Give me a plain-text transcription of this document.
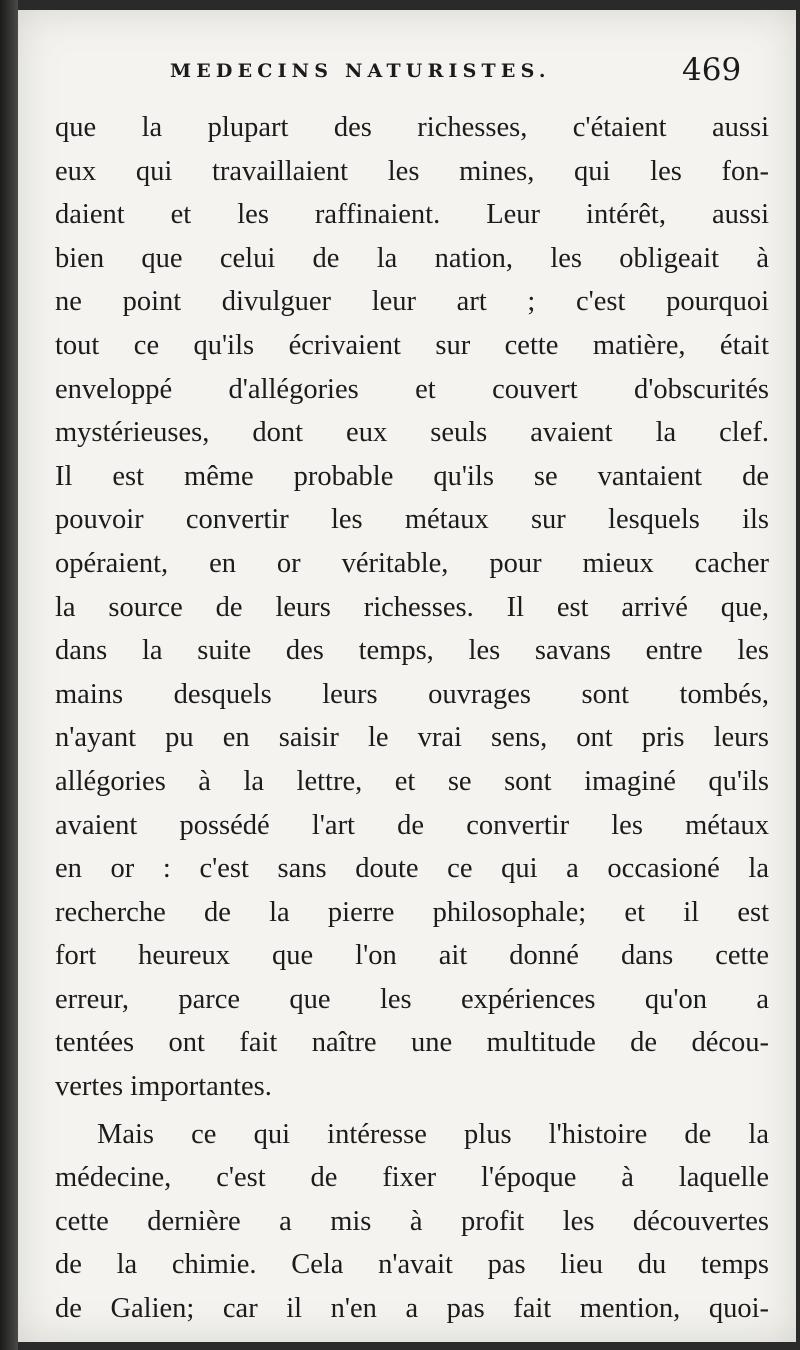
MEDECINS NATURISTES.	469
que la plupart des richesses, c'étaient aussi
eux qui travaillaient les mines, qui les fon-
daient et les raffinaient. Leur intérêt, aussi
bien que celui de la nation, les obligeait à
ne point divulguer leur art ; c'est pourquoi
tout ce qu'ils écrivaient sur cette matière, était
enveloppé d'allégories et couvert d'obscurités
mystérieuses, dont eux seuls avaient la clef.
Il est même probable qu'ils se vantaient de
pouvoir convertir les métaux sur lesquels ils
opéraient, en or véritable, pour mieux cacher
la source de leurs richesses. Il est arrivé que,
dans la suite des temps, les savans entre les
mains desquels leurs ouvrages sont tombés,
n'ayant pu en saisir le vrai sens, ont pris leurs
allégories à la lettre, et se sont imaginé qu'ils
avaient possédé l'art de convertir les métaux
en or : c'est sans doute ce qui a occasioné la
recherche de la pierre philosophale; et il est
fort heureux que l'on ait donné dans cette
erreur, parce que les expériences qu'on a
tentées ont fait naître une multitude de décou-
vertes importantes.
Mais ce qui intéresse plus l'histoire de la
médecine, c'est de fixer l'époque à laquelle
cette dernière a mis à profit les découvertes
de la chimie. Cela n'avait pas lieu du temps
de Galien; car il n'en a pas fait mention, quoi-
